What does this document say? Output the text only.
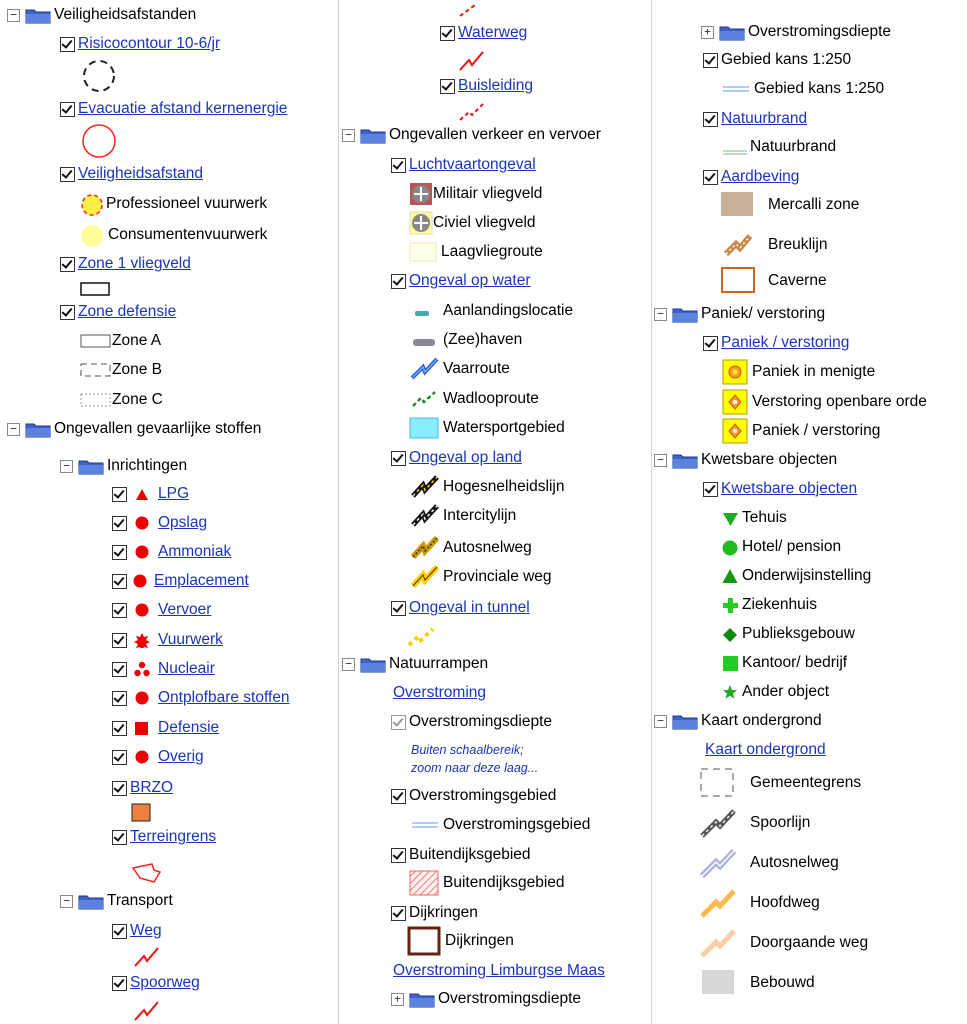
− Veiligheidsafstanden
Risicocontour 10-6/jr
Evacuatie afstand kernenergie
Veiligheidsafstand
Professioneel vuurwerk
Consumentenvuurwerk
Zone 1 vliegveld
Zone defensie
Zone A
Zone B
Zone C
− Ongevallen gevaarlijke stoffen
− Inrichtingen
LPG
Opslag
Ammoniak
Emplacement
Vervoer
Vuurwerk
Nucleair
Ontplofbare stoffen
Defensie
Overig
BRZO
Terreingrens
− Transport
Weg
Spoorweg
Waterweg
Buisleiding
− Ongevallen verkeer en vervoer
Luchtvaartongeval
Militair vliegveld
Civiel vliegveld
Laagvliegroute
Ongeval op water
Aanlandingslocatie
(Zee)haven
Vaarroute
Wadlooproute
Watersportgebied
Ongeval op land
Hogesnelheidslijn
Intercitylijn
Autosnelweg
Provinciale weg
Ongeval in tunnel
− Natuurrampen
Overstroming
Overstromingsdiepte
Buiten schaalbereik;
zoom naar deze laag...
Overstromingsgebied
Overstromingsgebied
Buitendijksgebied
Buitendijksgebied
Dijkringen
Dijkringen
Overstroming Limburgse Maas
+ Overstromingsdiepte
+ Overstromingsdiepte
Gebied kans 1:250
Gebied kans 1:250
Natuurbrand
Natuurbrand
Aardbeving
Mercalli zone
Breuklijn
Caverne
− Paniek/ verstoring
Paniek / verstoring
Paniek in menigte
Verstoring openbare orde
Paniek / verstoring
− Kwetsbare objecten
Kwetsbare objecten
Tehuis
Hotel/ pension
Onderwijsinstelling
Ziekenhuis
Publieksgebouw
Kantoor/ bedrijf
Ander object
− Kaart ondergrond
Kaart ondergrond
Gemeentegrens
Spoorlijn
Autosnelweg
Hoofdweg
Doorgaande weg
Bebouwd
